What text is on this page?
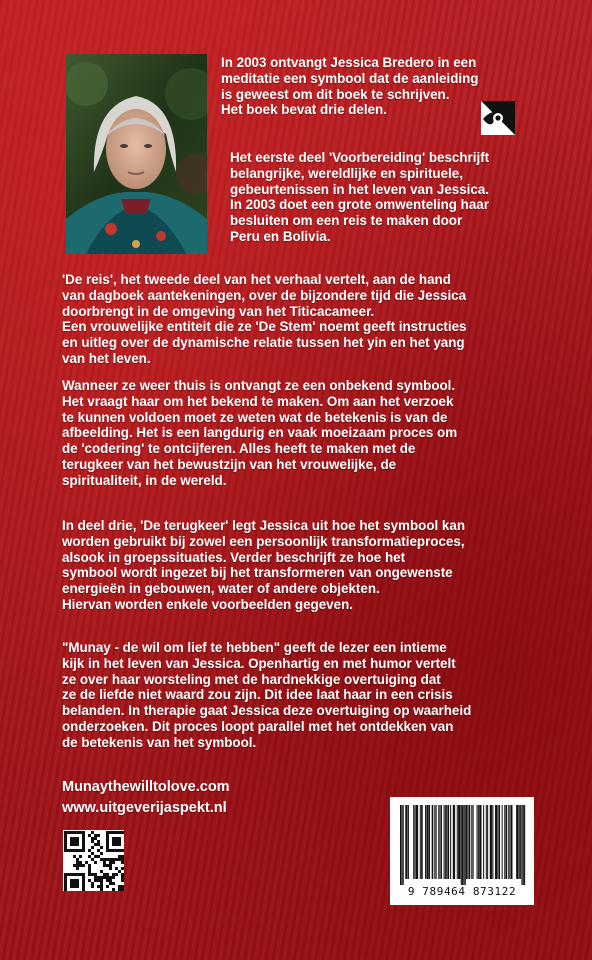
In 2003 ontvangt Jessica Bredero in een
meditatie een symbool dat de aanleiding
is geweest om dit boek te schrijven.
Het boek bevat drie delen.
Het eerste deel 'Voorbereiding' beschrijft
belangrijke, wereldlijke en spirituele,
gebeurtenissen in het leven van Jessica.
In 2003 doet een grote omwenteling haar
besluiten om een reis te maken door
Peru en Bolivia.
'De reis', het tweede deel van het verhaal vertelt, aan de hand
van dagboek aantekeningen, over de bijzondere tijd die Jessica
doorbrengt in de omgeving van het Titicacameer.
Een vrouwelijke entiteit die ze 'De Stem' noemt geeft instructies
en uitleg over de dynamische relatie tussen het yin en het yang
van het leven.
Wanneer ze weer thuis is ontvangt ze een onbekend symbool.
Het vraagt haar om het bekend te maken. Om aan het verzoek
te kunnen voldoen moet ze weten wat de betekenis is van de
afbeelding. Het is een langdurig en vaak moeizaam proces om
de 'codering' te ontcijferen. Alles heeft te maken met de
terugkeer van het bewustzijn van het vrouwelijke, de
spiritualiteit, in de wereld.
In deel drie, 'De terugkeer' legt Jessica uit hoe het symbool kan
worden gebruikt bij zowel een persoonlijk transformatieproces,
alsook in groepssituaties. Verder beschrijft ze hoe het
symbool wordt ingezet bij het transformeren van ongewenste
energieën in gebouwen, water of andere objekten.
Hiervan worden enkele voorbeelden gegeven.
"Munay - de wil om lief te hebben" geeft de lezer een intieme
kijk in het leven van Jessica. Openhartig en met humor vertelt
ze over haar worsteling met de hardnekkige overtuiging dat
ze de liefde niet waard zou zijn. Dit idee laat haar in een crisis
belanden. In therapie gaat Jessica deze overtuiging op waarheid
onderzoeken. Dit proces loopt parallel met het ontdekken van
de betekenis van het symbool.
Munaythewilltolove.com
www.uitgeverijaspekt.nl
9 789464 873122
